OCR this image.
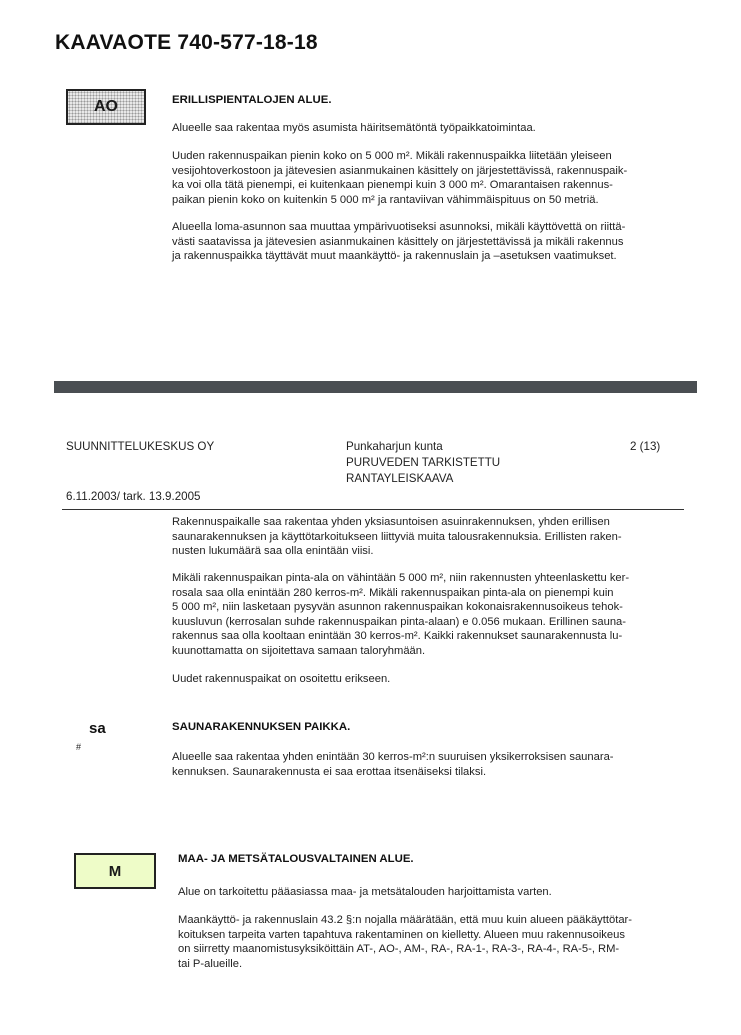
KAAVAOTE 740-577-18-18
AO	ERILLISPIENTALOJEN ALUE.
Alueelle saa rakentaa myös asumista häiritsemätöntä työpaikkatoimintaa.
Uuden rakennuspaikan pienin koko on 5 000 m². Mikäli rakennuspaikka liitetään yleiseen
vesijohtoverkostoon ja jätevesien asianmukainen käsittely on järjestettävissä, rakennuspaik-
ka voi olla tätä pienempi, ei kuitenkaan pienempi kuin 3 000 m². Omarantaisen rakennus-
paikan pienin koko on kuitenkin 5 000 m² ja rantaviivan vähimmäispituus on 50 metriä.
Alueella loma-asunnon saa muuttaa ympärivuotiseksi asunnoksi, mikäli käyttövettä on riittä-
västi saatavissa ja jätevesien asianmukainen käsittely on järjestettävissä ja mikäli rakennus
ja rakennuspaikka täyttävät muut maankäyttö- ja rakennuslain ja –asetuksen vaatimukset.
SUUNNITTELUKESKUS OY	Punkaharjun kunta
PURUVEDEN TARKISTETTU
RANTAYLEISKAAVA
2 (13)
6.11.2003/ tark. 13.9.2005
Rakennuspaikalle saa rakentaa yhden yksiasuntoisen asuinrakennuksen, yhden erillisen
saunarakennuksen ja käyttötarkoitukseen liittyviä muita talousrakennuksia. Erillisten raken-
nusten lukumäärä saa olla enintään viisi.
Mikäli rakennuspaikan pinta-ala on vähintään 5 000 m², niin rakennusten yhteenlaskettu ker-
rosala saa olla enintään 280 kerros-m². Mikäli rakennuspaikan pinta-ala on pienempi kuin
5 000 m², niin lasketaan pysyvän asunnon rakennuspaikan kokonaisrakennusoikeus tehok-
kuusluvun (kerrosalan suhde rakennuspaikan pinta-alaan) e 0.056 mukaan. Erillinen sauna-
rakennus saa olla kooltaan enintään 30 kerros-m². Kaikki rakennukset saunarakennusta lu-
kuunottamatta on sijoitettava samaan taloryhmään.
Uudet rakennuspaikat on osoitettu erikseen.
sa
#
SAUNARAKENNUKSEN PAIKKA.
Alueelle saa rakentaa yhden enintään 30 kerros-m²:n suuruisen yksikerroksisen saunara-
kennuksen. Saunarakennusta ei saa erottaa itsenäiseksi tilaksi.
M
MAA- JA METSÄTALOUSVALTAINEN ALUE.
Alue on tarkoitettu pääasiassa maa- ja metsätalouden harjoittamista varten.
Maankäyttö- ja rakennuslain 43.2 §:n nojalla määrätään, että muu kuin alueen pääkäyttötar-
koituksen tarpeita varten tapahtuva rakentaminen on kielletty. Alueen muu rakennusoikeus
on siirretty maanomistusyksiköittäin AT-, AO-, AM-, RA-, RA-1-, RA-3-, RA-4-, RA-5-, RM-
tai P-alueille.
